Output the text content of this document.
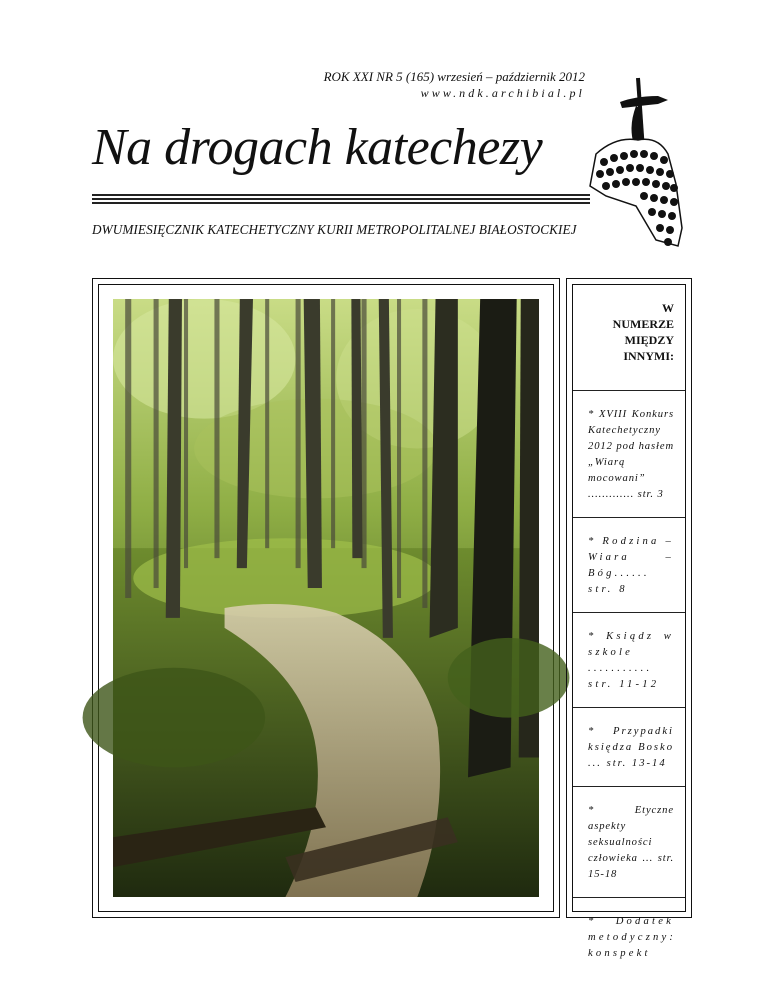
ROK XXI NR 5 (165) wrzesień – październik 2012
www.ndk.archibial.pl
Na drogach katechezy
DWUMIESIĘCZNIK KATECHETYCZNY KURII METROPOLITALNEJ BIAŁOSTOCKIEJ
W
NUMERZE
MIĘDZY
INNYMI:
* XVIII Konkurs Katechetyczny 2012 pod hasłem „Wiarą mocowani” ............. str. 3
* Rodzina – Wiara – Bóg...... str. 8
* Ksiądz w szkole ........... str. 11-12
* Przypadki księdza Bosko ... str. 13-14
* Etyczne aspekty seksualności człowieka ... str. 15-18
* Dodatek metodyczny: konspekt
